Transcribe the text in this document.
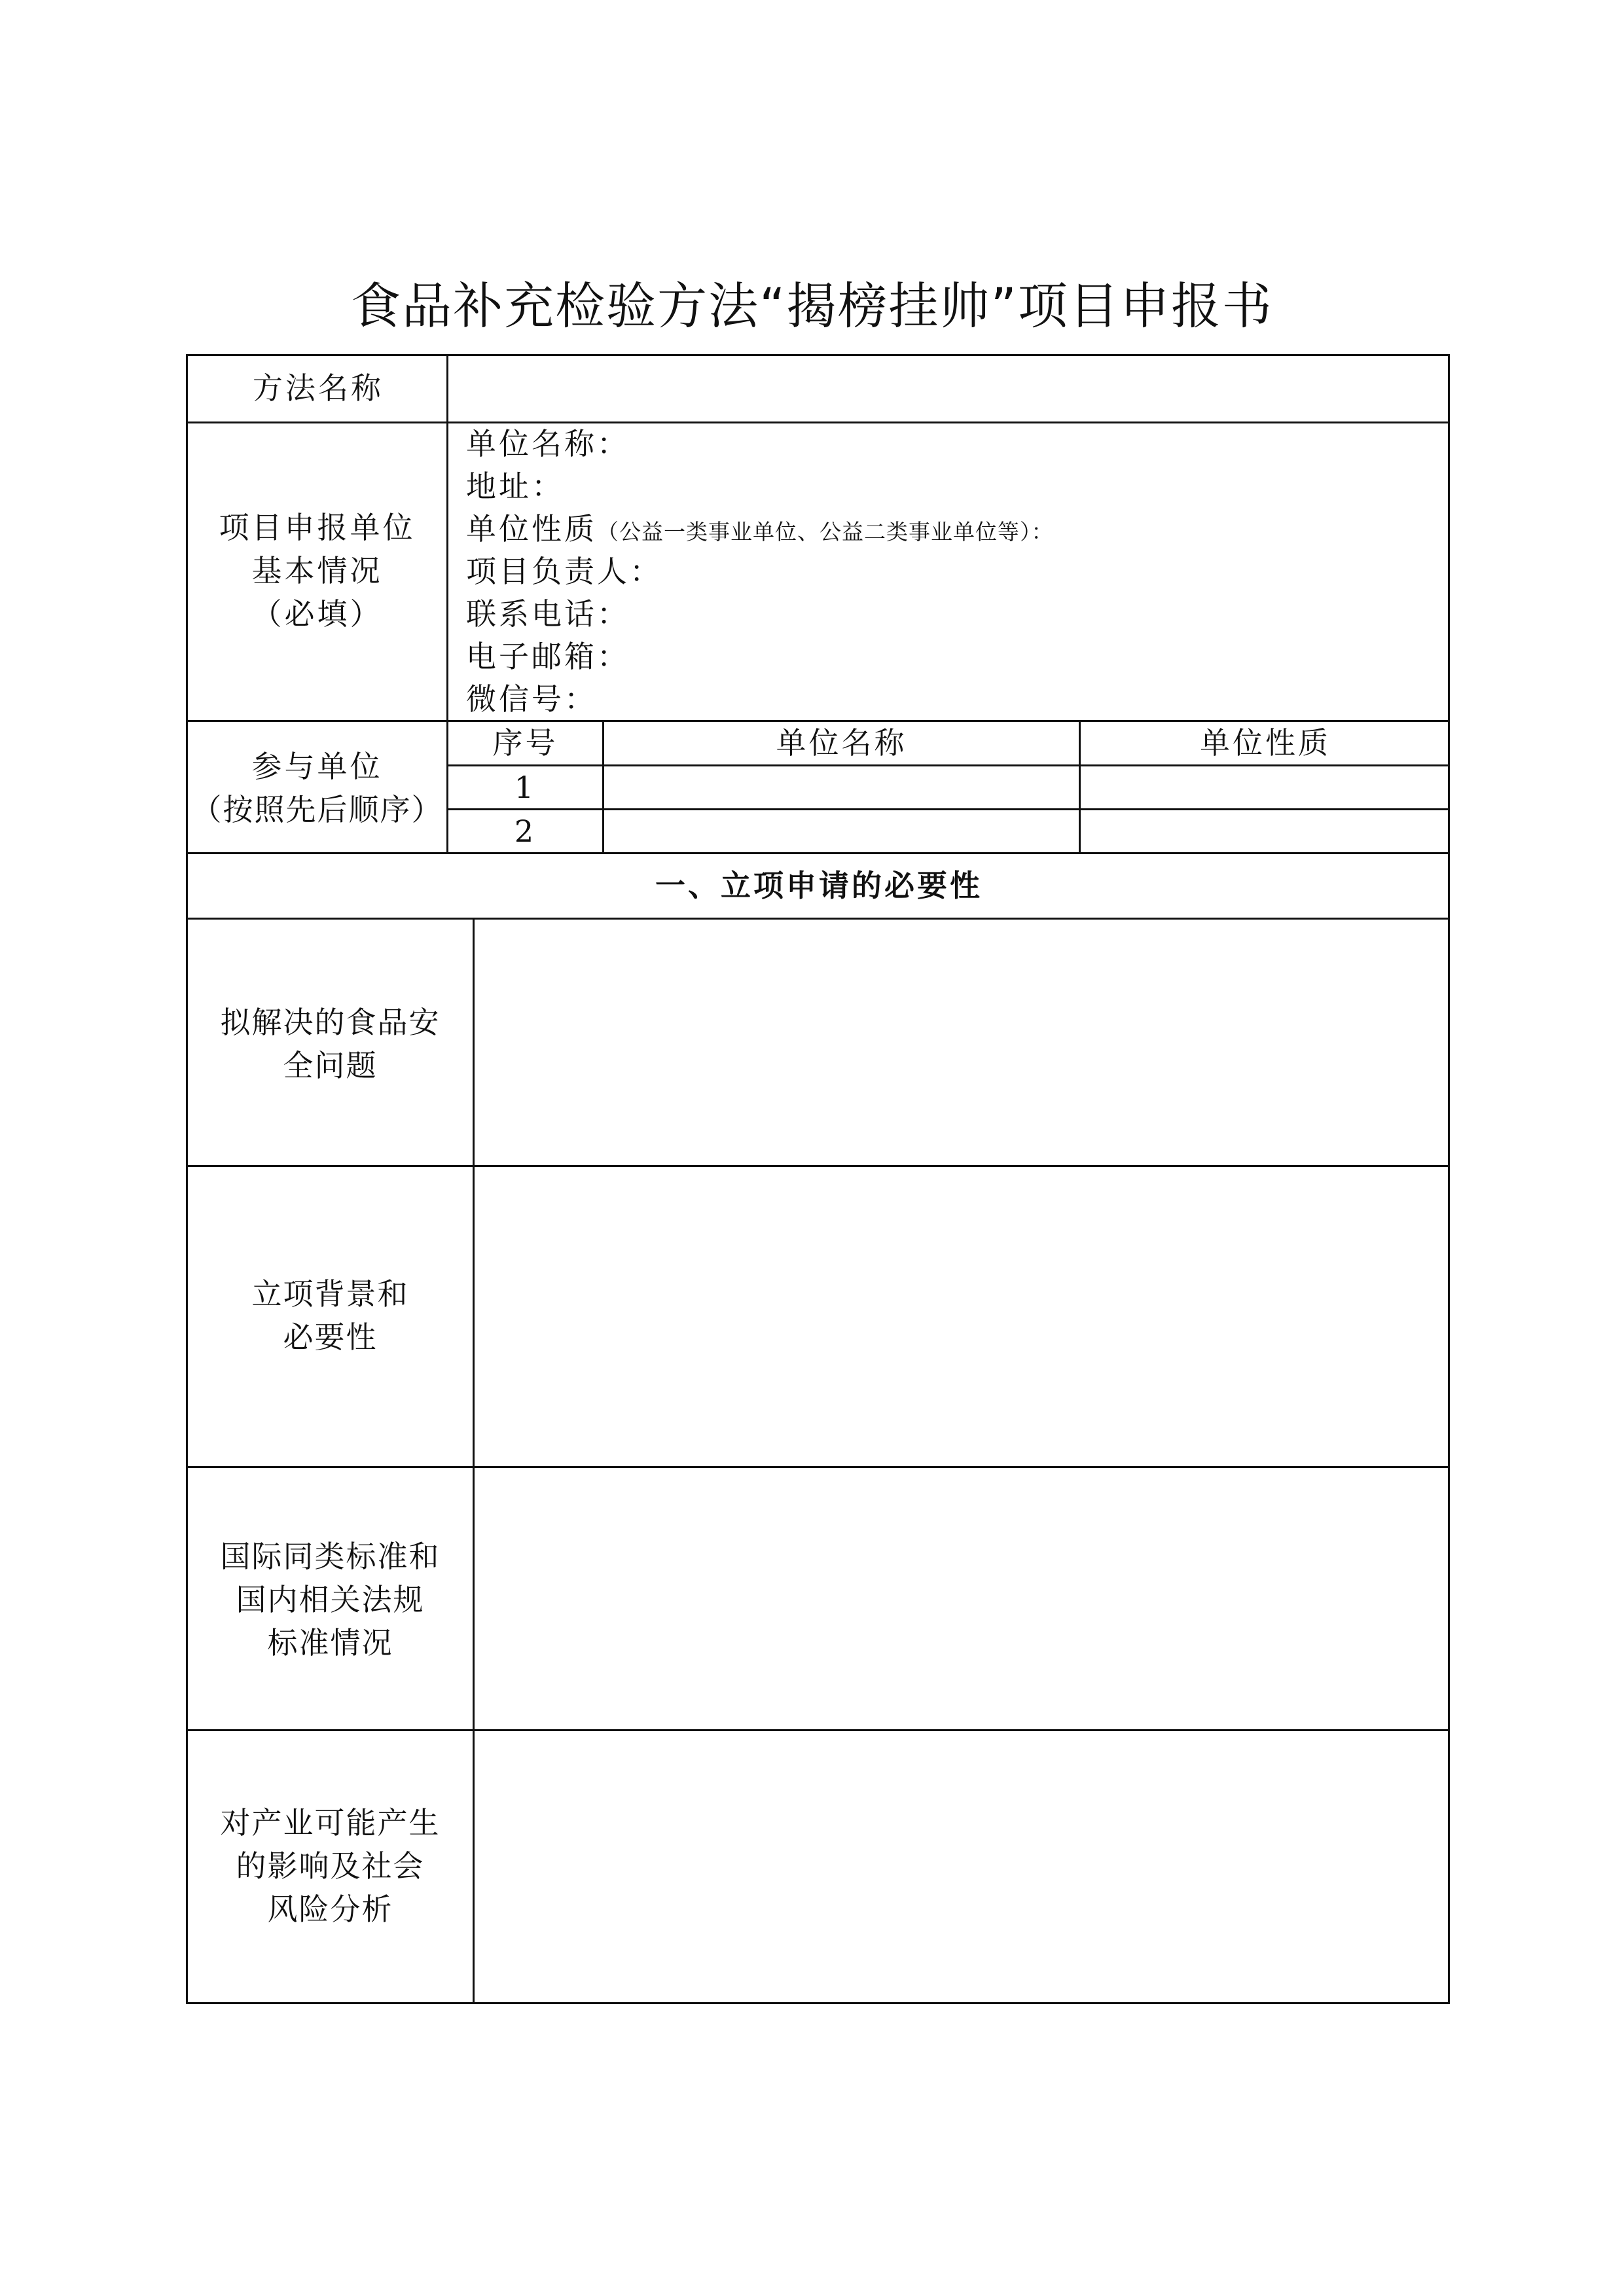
食品补充检验方法“揭榜挂帅”项目申报书
方法名称
项目申报单位
基本情况
（必填）
单位名称：
地址：
单位性质（公益一类事业单位、公益二类事业单位等）：
项目负责人：
联系电话：
电子邮箱：
微信号：
参与单位
（按照先后顺序）
序号	单位名称	单位性质
1
2
一、立项申请的必要性
拟解决的食品安
全问题
立项背景和
必要性
国际同类标准和
国内相关法规
标准情况
对产业可能产生
的影响及社会
风险分析
